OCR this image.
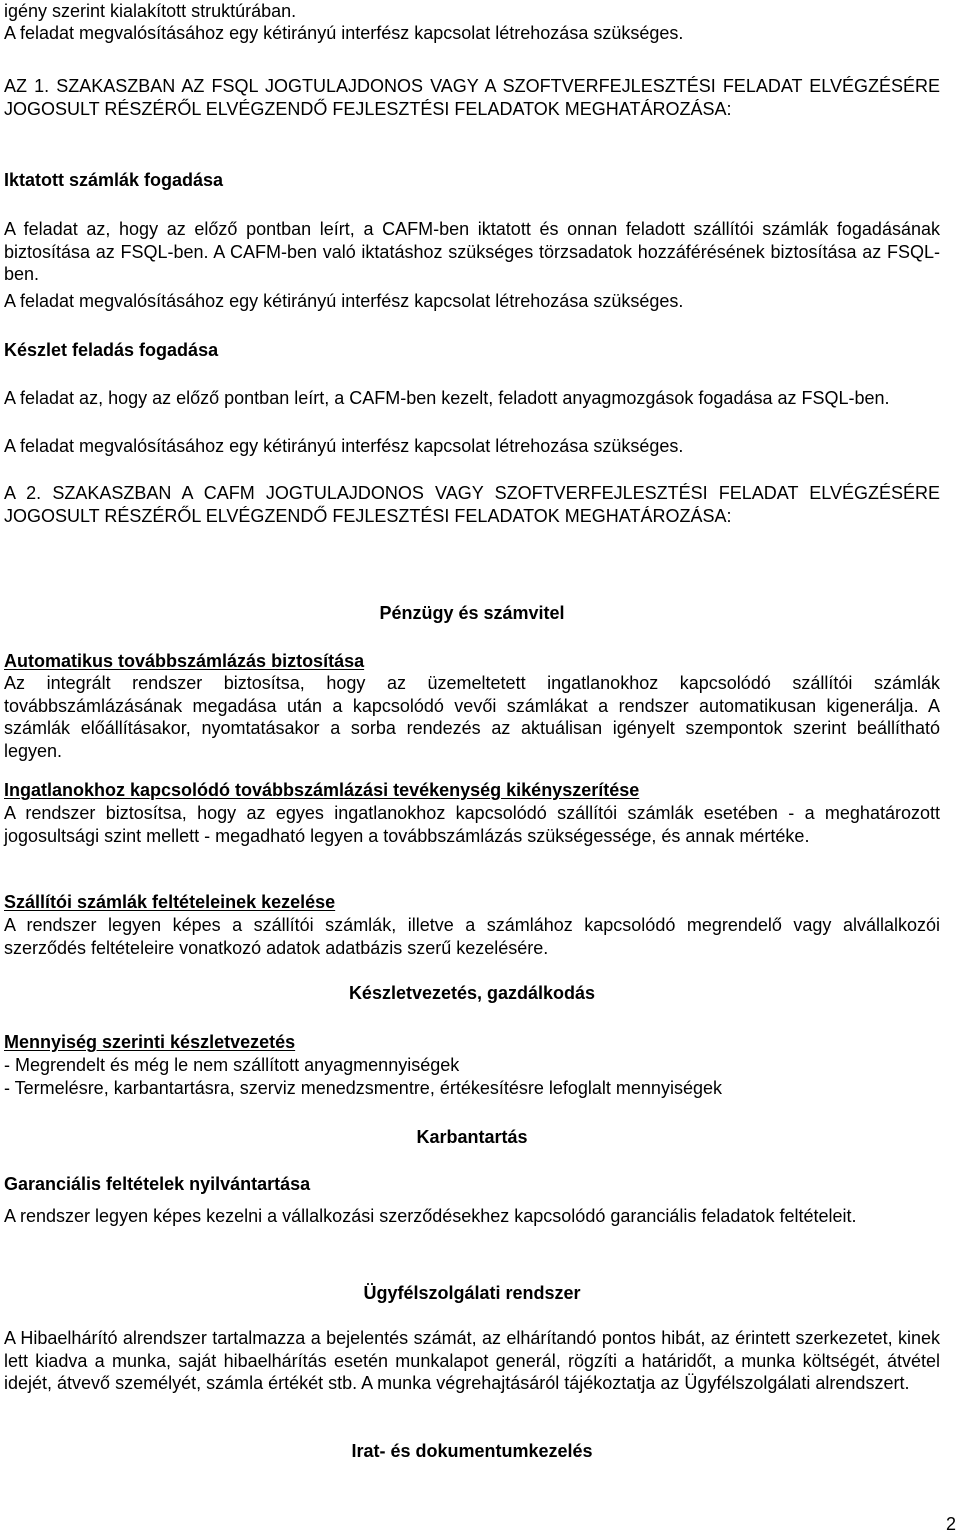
igény szerint kialakított struktúrában.

A feladat megvalósításához egy kétirányú interfész kapcsolat létrehozása szükséges.

AZ 1. SZAKASZBAN AZ FSQL JOGTULAJDONOS VAGY A SZOFTVERFEJLESZTÉSI FELADAT ELVÉGZÉSÉRE JOGOSULT RÉSZÉRŐL ELVÉGZENDŐ FEJLESZTÉSI FELADATOK MEGHATÁROZÁSA:

Iktatott számlák fogadása

A feladat az, hogy az előző pontban leírt, a CAFM-ben iktatott és onnan feladott szállítói számlák fogadásának biztosítása az FSQL-ben. A CAFM-ben való iktatáshoz szükséges törzsadatok hozzáférésének biztosítása az FSQL-ben.

A feladat megvalósításához egy kétirányú interfész kapcsolat létrehozása szükséges.

Készlet feladás fogadása

A feladat az, hogy az előző pontban leírt, a CAFM-ben kezelt, feladott anyagmozgások fogadása az FSQL-ben.

A feladat megvalósításához egy kétirányú interfész kapcsolat létrehozása szükséges.

A 2. SZAKASZBAN A CAFM JOGTULAJDONOS VAGY SZOFTVERFEJLESZTÉSI FELADAT ELVÉGZÉSÉRE JOGOSULT RÉSZÉRŐL ELVÉGZENDŐ FEJLESZTÉSI FELADATOK MEGHATÁROZÁSA:

Pénzügy és számvitel

Automatikus továbbszámlázás biztosítása

Az integrált rendszer biztosítsa, hogy az üzemeltetett ingatlanokhoz kapcsolódó szállítói számlák továbbszámlázásának megadása után a kapcsolódó vevői számlákat a rendszer automatikusan kigenerálja. A számlák előállításakor, nyomtatásakor a sorba rendezés az aktuálisan igényelt szempontok szerint beállítható legyen.

Ingatlanokhoz kapcsolódó továbbszámlázási tevékenység kikényszerítése

A rendszer biztosítsa, hogy az egyes ingatlanokhoz kapcsolódó szállítói számlák esetében - a meghatározott jogosultsági szint mellett - megadható legyen a továbbszámlázás szükségessége, és annak mértéke.

Szállítói számlák feltételeinek kezelése

A rendszer legyen képes a szállítói számlák, illetve a számlához kapcsolódó megrendelő vagy alvállalkozói szerződés feltételeire vonatkozó adatok adatbázis szerű kezelésére.

Készletvezetés, gazdálkodás

Mennyiség szerinti készletvezetés

- Megrendelt és még le nem szállított anyagmennyiségek

- Termelésre, karbantartásra, szerviz menedzsmentre, értékesítésre lefoglalt mennyiségek

Karbantartás

Garanciális feltételek nyilvántartása

A rendszer legyen képes kezelni a vállalkozási szerződésekhez kapcsolódó garanciális feladatok feltételeit.

Ügyfélszolgálati rendszer

A Hibaelhárító alrendszer tartalmazza a bejelentés számát, az elhárítandó pontos hibát, az érintett szerkezetet, kinek lett kiadva a munka, saját hibaelhárítás esetén munkalapot generál, rögzíti a határidőt, a munka költségét, átvétel idejét, átvevő személyét, számla értékét stb. A munka végrehajtásáról tájékoztatja az Ügyfélszolgálati alrendszert.

Irat- és dokumentumkezelés

2
